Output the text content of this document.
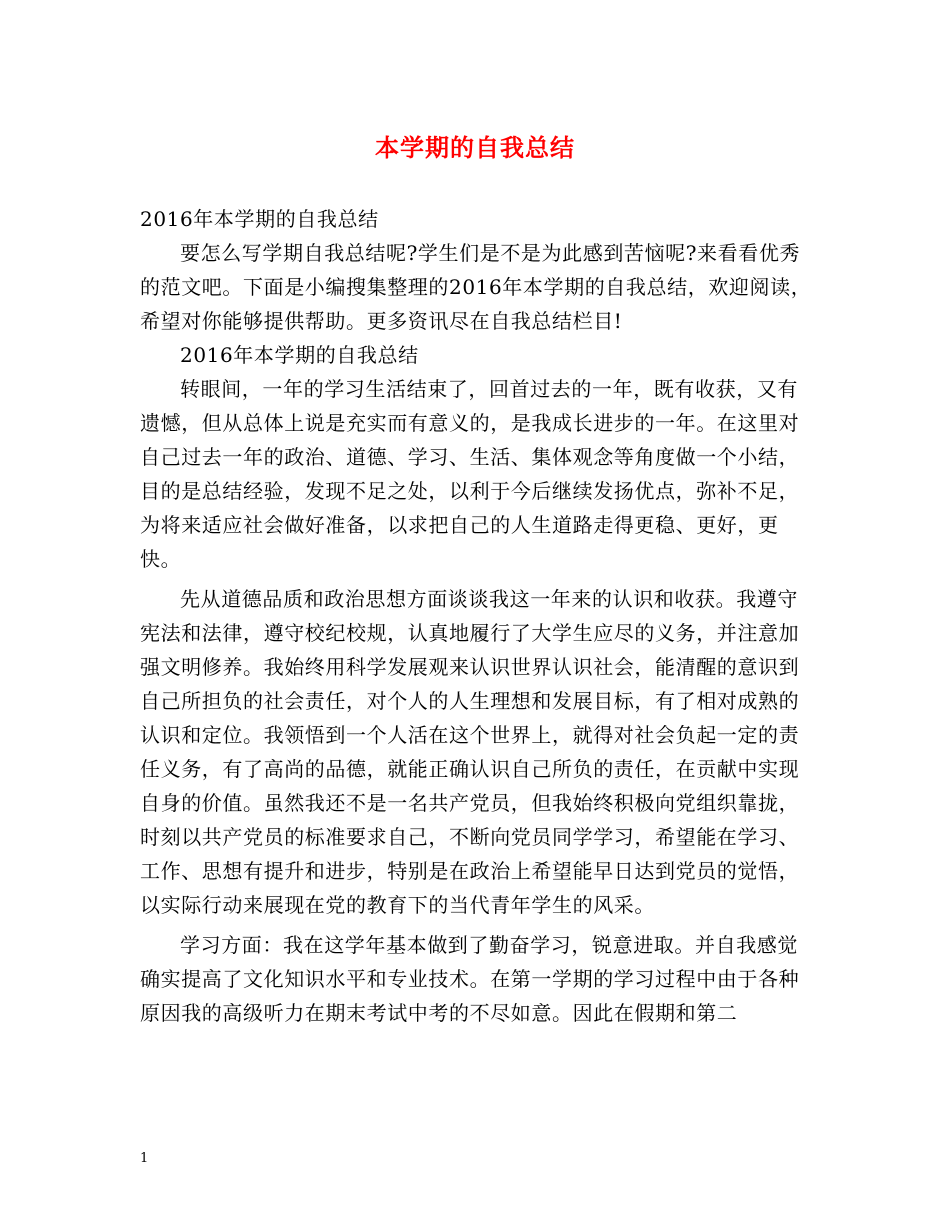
本学期的自我总结

2016年本学期的自我总结

要怎么写学期自我总结呢?学生们是不是为此感到苦恼呢?来看看优秀的范文吧。下面是小编搜集整理的2016年本学期的自我总结，欢迎阅读，希望对你能够提供帮助。更多资讯尽在自我总结栏目!

2016年本学期的自我总结

转眼间，一年的学习生活结束了，回首过去的一年，既有收获，又有遗憾，但从总体上说是充实而有意义的，是我成长进步的一年。在这里对自己过去一年的政治、道德、学习、生活、集体观念等角度做一个小结，目的是总结经验，发现不足之处，以利于今后继续发扬优点，弥补不足，为将来适应社会做好准备，以求把自己的人生道路走得更稳、更好，更快。

先从道德品质和政治思想方面谈谈我这一年来的认识和收获。我遵守宪法和法律，遵守校纪校规，认真地履行了大学生应尽的义务，并注意加强文明修养。我始终用科学发展观来认识世界认识社会，能清醒的意识到自己所担负的社会责任，对个人的人生理想和发展目标，有了相对成熟的认识和定位。我领悟到一个人活在这个世界上，就得对社会负起一定的责任义务，有了高尚的品德，就能正确认识自己所负的责任，在贡献中实现自身的价值。虽然我还不是一名共产党员，但我始终积极向党组织靠拢，时刻以共产党员的标准要求自己，不断向党员同学学习，希望能在学习、工作、思想有提升和进步，特别是在政治上希望能早日达到党员的觉悟，以实际行动来展现在党的教育下的当代青年学生的风采。

学习方面：我在这学年基本做到了勤奋学习，锐意进取。并自我感觉确实提高了文化知识水平和专业技术。在第一学期的学习过程中由于各种原因我的高级听力在期末考试中考的不尽如意。因此在假期和第二

1
